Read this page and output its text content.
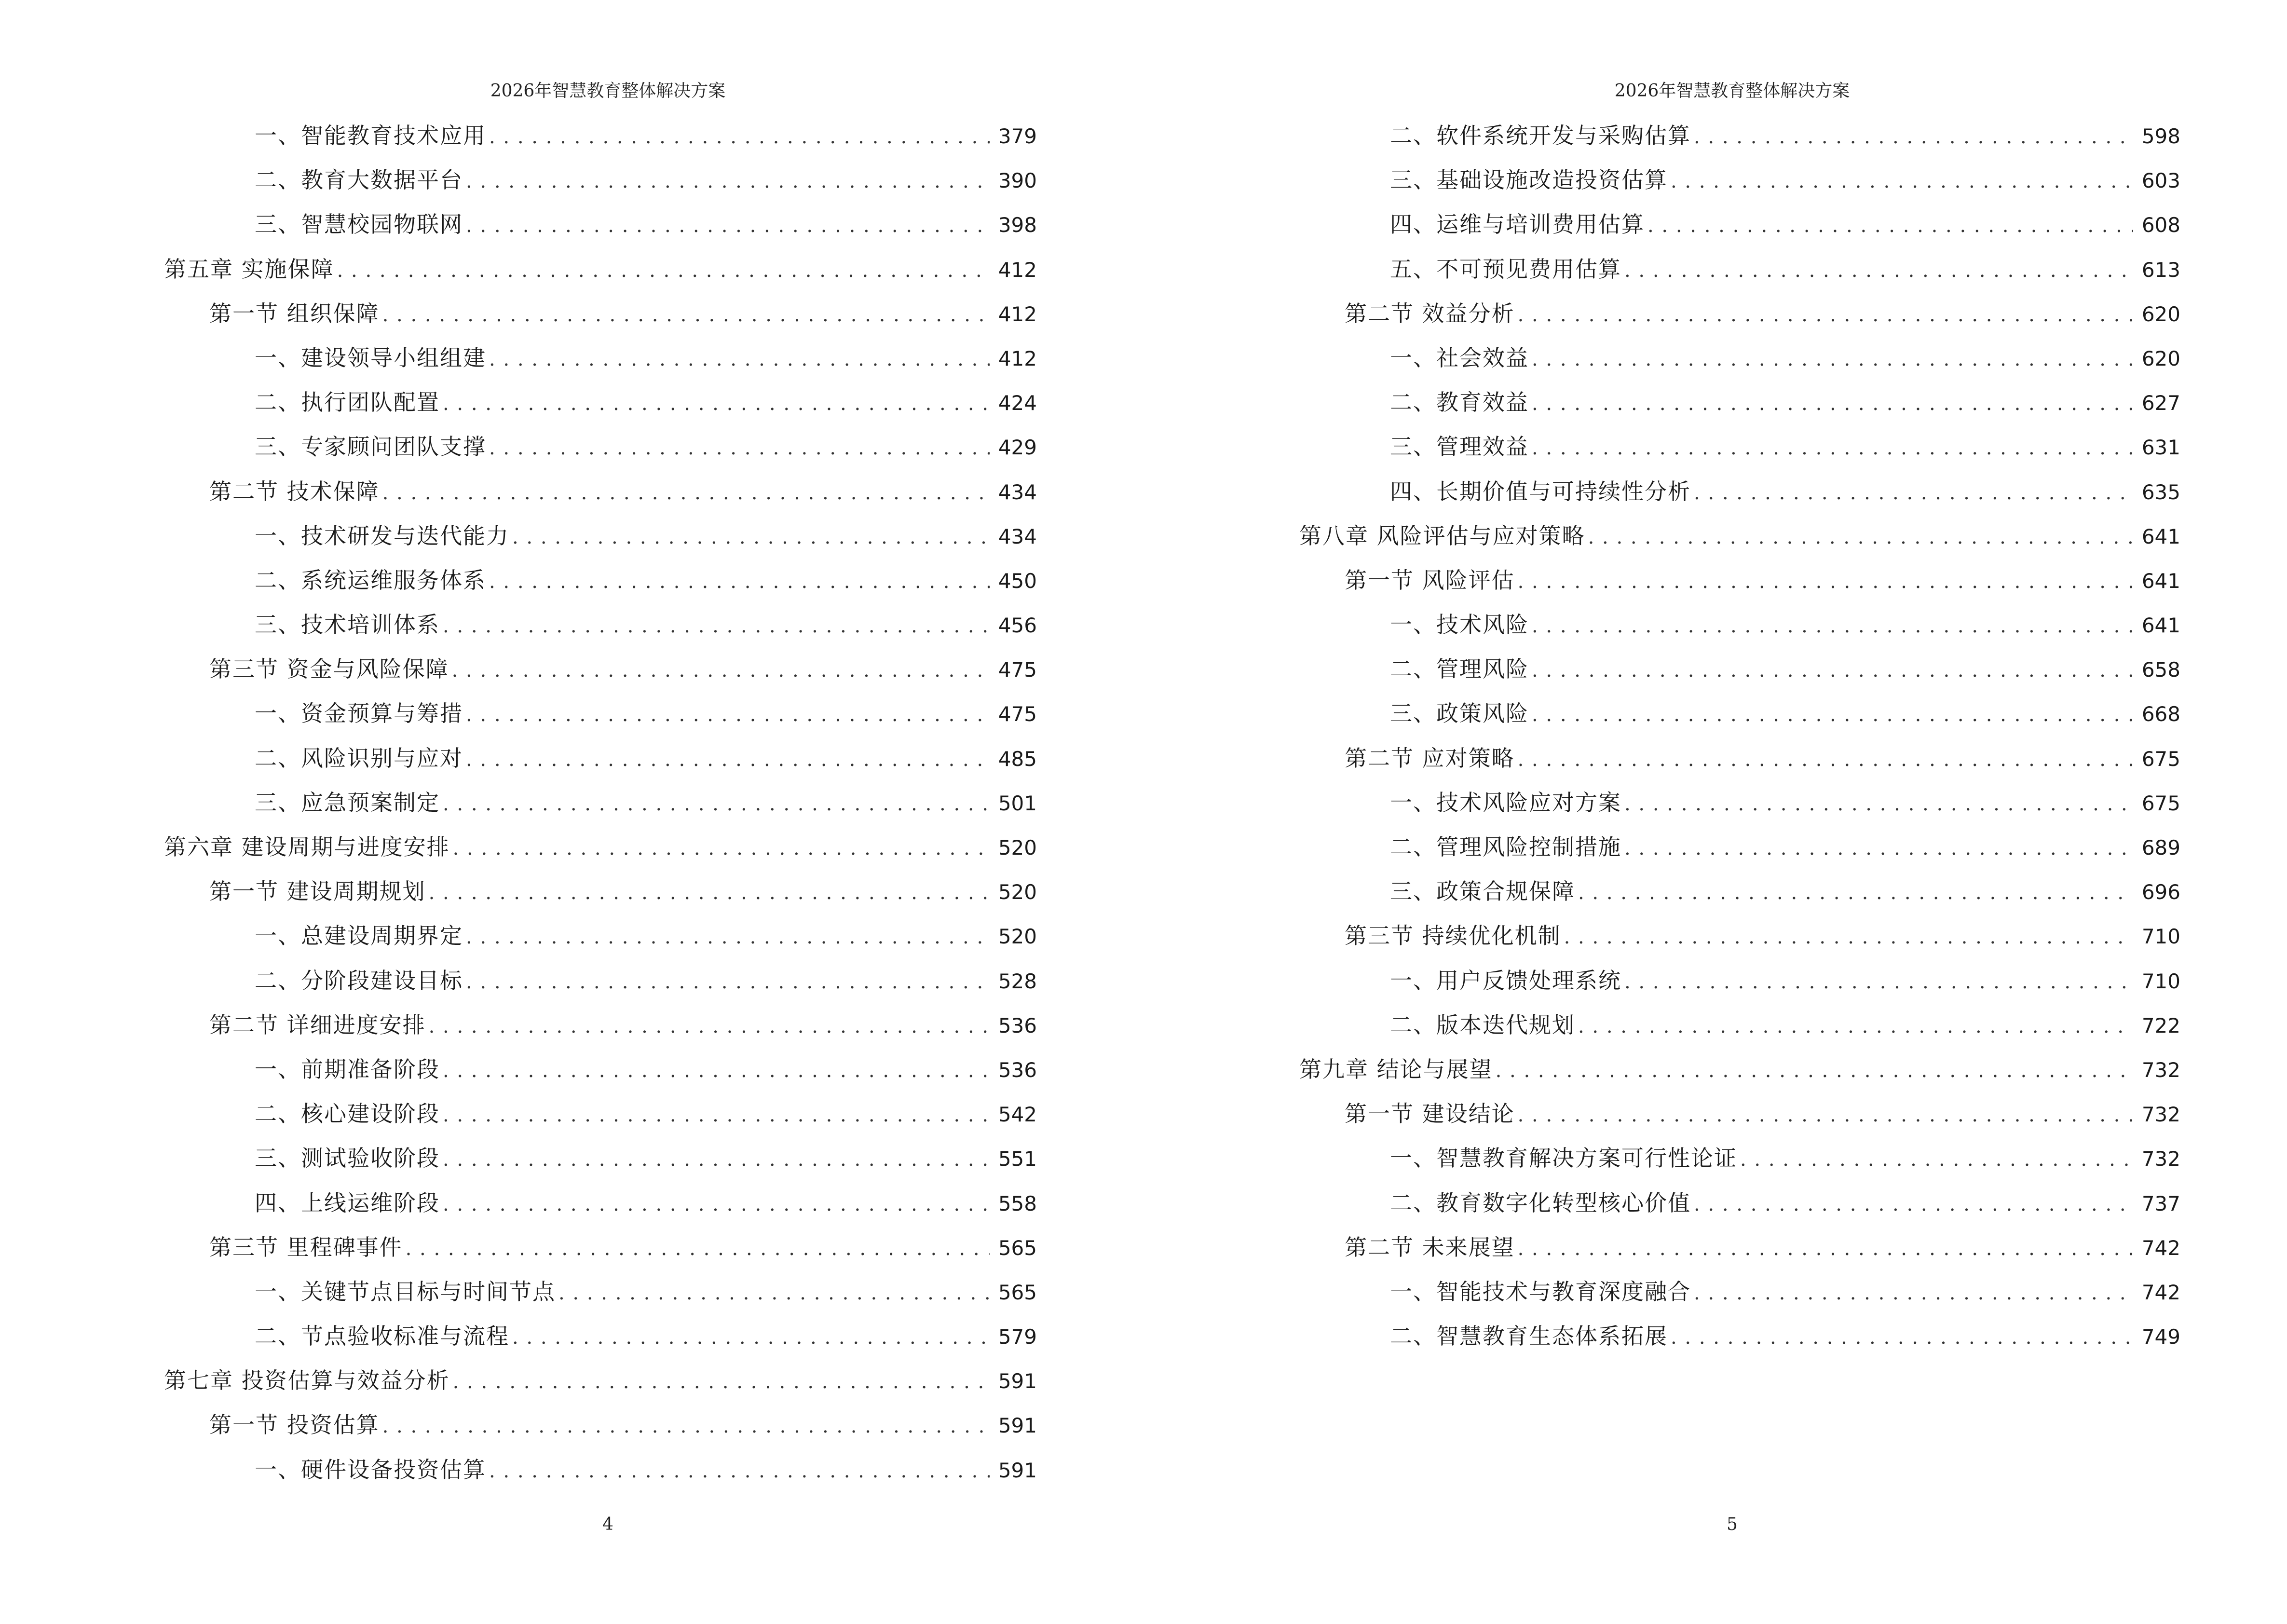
2026年智慧教育整体解决方案
一、智能教育技术应用 . . .	379
二、教育大数据平台 . . .	390
三、智慧校园物联网 . . .	398
第五章 实施保障 . . .	412
第一节 组织保障 . . .	412
一、建设领导小组组建 . . .	412
二、执行团队配置 . . .	424
三、专家顾问团队支撑 . . .	429
第二节 技术保障 . . .	434
一、技术研发与迭代能力 . . .	434
二、系统运维服务体系 . . .	450
三、技术培训体系 . . .	456
第三节 资金与风险保障 . . .	475
一、资金预算与筹措 . . .	475
二、风险识别与应对 . . .	485
三、应急预案制定 . . .	501
第六章 建设周期与进度安排 . . .	520
第一节 建设周期规划 . . .	520
一、总建设周期界定 . . .	520
二、分阶段建设目标 . . .	528
第二节 详细进度安排 . . .	536
一、前期准备阶段 . . .	536
二、核心建设阶段 . . .	542
三、测试验收阶段 . . .	551
四、上线运维阶段 . . .	558
第三节 里程碑事件 . . .	565
一、关键节点目标与时间节点 . . .	565
二、节点验收标准与流程 . . .	579
第七章 投资估算与效益分析 . . .	591
第一节 投资估算 . . .	591
一、硬件设备投资估算 . . .	591
4
2026年智慧教育整体解决方案
二、软件系统开发与采购估算 . . .	598
三、基础设施改造投资估算 . . .	603
四、运维与培训费用估算 . . .	608
五、不可预见费用估算 . . .	613
第二节 效益分析 . . .	620
一、社会效益 . . .	620
二、教育效益 . . .	627
三、管理效益 . . .	631
四、长期价值与可持续性分析 . . .	635
第八章 风险评估与应对策略 . . .	641
第一节 风险评估 . . .	641
一、技术风险 . . .	641
二、管理风险 . . .	658
三、政策风险 . . .	668
第二节 应对策略 . . .	675
一、技术风险应对方案 . . .	675
二、管理风险控制措施 . . .	689
三、政策合规保障 . . .	696
第三节 持续优化机制 . . .	710
一、用户反馈处理系统 . . .	710
二、版本迭代规划 . . .	722
第九章 结论与展望 . . .	732
第一节 建设结论 . . .	732
一、智慧教育解决方案可行性论证 . . .	732
二、教育数字化转型核心价值 . . .	737
第二节 未来展望 . . .	742
一、智能技术与教育深度融合 . . .	742
二、智慧教育生态体系拓展 . . .	749
5
